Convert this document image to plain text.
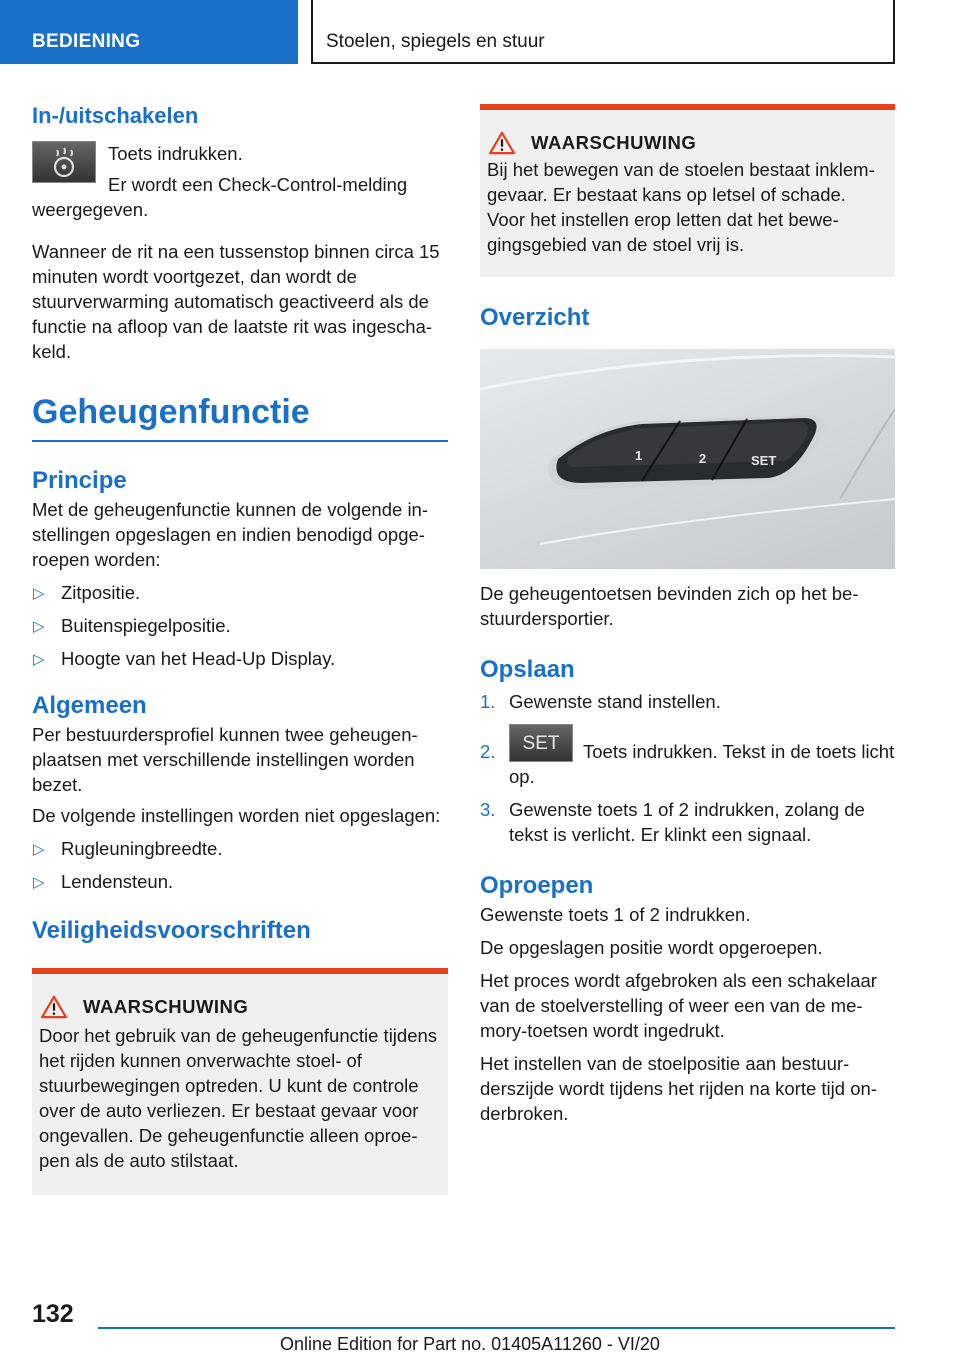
BEDIENING	Stoelen, spiegels en stuur
In-/uitschakelen

Toets indrukken.

Er wordt een Check-Control-melding weergegeven.

Wanneer de rit na een tussenstop binnen circa 15 minuten wordt voortgezet, dan wordt de stuurverwarming automatisch geactiveerd als de functie na afloop van de laatste rit was ingeschakeld.

Geheugenfunctie
Principe

Met de geheugenfunctie kunnen de volgende instellingen opgeslagen en indien benodigd opgeroepen worden:

▷ Zitpositie.
▷ Buitenspiegelpositie.
▷ Hoogte van het Head-Up Display.
Algemeen

Per bestuurdersprofiel kunnen twee geheugenplaatsen met verschillende instellingen worden bezet.

De volgende instellingen worden niet opgeslagen:

▷ Rugleuningbreedte.
▷ Lendensteun.
Veiligheidsvoorschriften
WAARSCHUWING

Door het gebruik van de geheugenfunctie tijdens het rijden kunnen onverwachte stoel- of stuurbewegingen optreden. U kunt de controle over de auto verliezen. Er bestaat gevaar voor ongevallen. De geheugenfunctie alleen oproepen als de auto stilstaat.

WAARSCHUWING

Bij het bewegen van de stoelen bestaat inklemgevaar. Er bestaat kans op letsel of schade. Voor het instellen erop letten dat het bewegingsgebied van de stoel vrij is.

Overzicht
1	2	SET

De geheugentoetsen bevinden zich op het bestuurdersportier.

Opslaan
1. Gewenste stand instellen.
2. SET	Toets indrukken. Tekst in de toets licht op.

3. Gewenste toets 1 of 2 indrukken, zolang de tekst is verlicht. Er klinkt een signaal.
Oproepen

Gewenste toets 1 of 2 indrukken.

De opgeslagen positie wordt opgeroepen.

Het proces wordt afgebroken als een schakelaar van de stoelverstelling of weer een van de memory-toetsen wordt ingedrukt.

Het instellen van de stoelpositie aan bestuurderszijde wordt tijdens het rijden na korte tijd onderbroken.

132
Online Edition for Part no. 01405A11260 - VI/20
